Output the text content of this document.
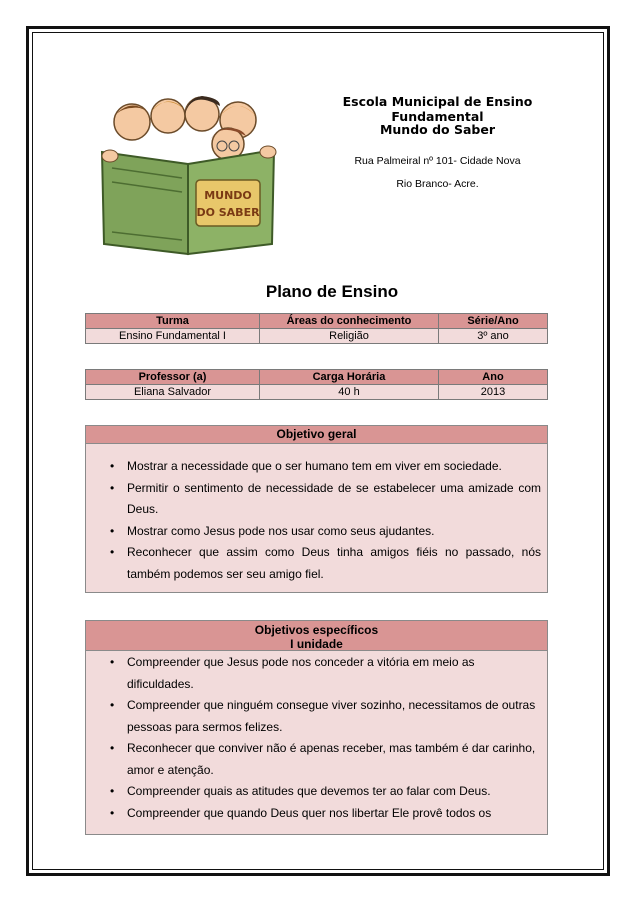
MUNDO
DO SABER
Escola Municipal de Ensino Fundamental
Mundo do Saber
Rua Palmeiral nº 101- Cidade Nova
Rio Branco- Acre.
Plano de Ensino
Turma	Áreas do conhecimento	Série/Ano
Ensino Fundamental I	Religião	3º ano
Professor (a)	Carga Horária	Ano
Eliana Salvador	40 h	2013
Objetivo geral
• Mostrar a necessidade que o ser humano tem em viver em sociedade.
• Permitir o sentimento de necessidade de se estabelecer uma amizade com Deus.
• Mostrar como Jesus pode nos usar como seus ajudantes.
• Reconhecer que assim como Deus tinha amigos fiéis no passado, nós também podemos ser seu amigo fiel.
Objetivos específicos
I unidade
• Compreender que Jesus pode nos conceder a vitória em meio as dificuldades.
• Compreender que ninguém consegue viver sozinho, necessitamos de outras pessoas para sermos felizes.
• Reconhecer que conviver não é apenas receber, mas também é dar carinho, amor e atenção.
• Compreender quais as atitudes que devemos ter ao falar com Deus.
• Compreender que quando Deus quer nos libertar Ele provê todos os
